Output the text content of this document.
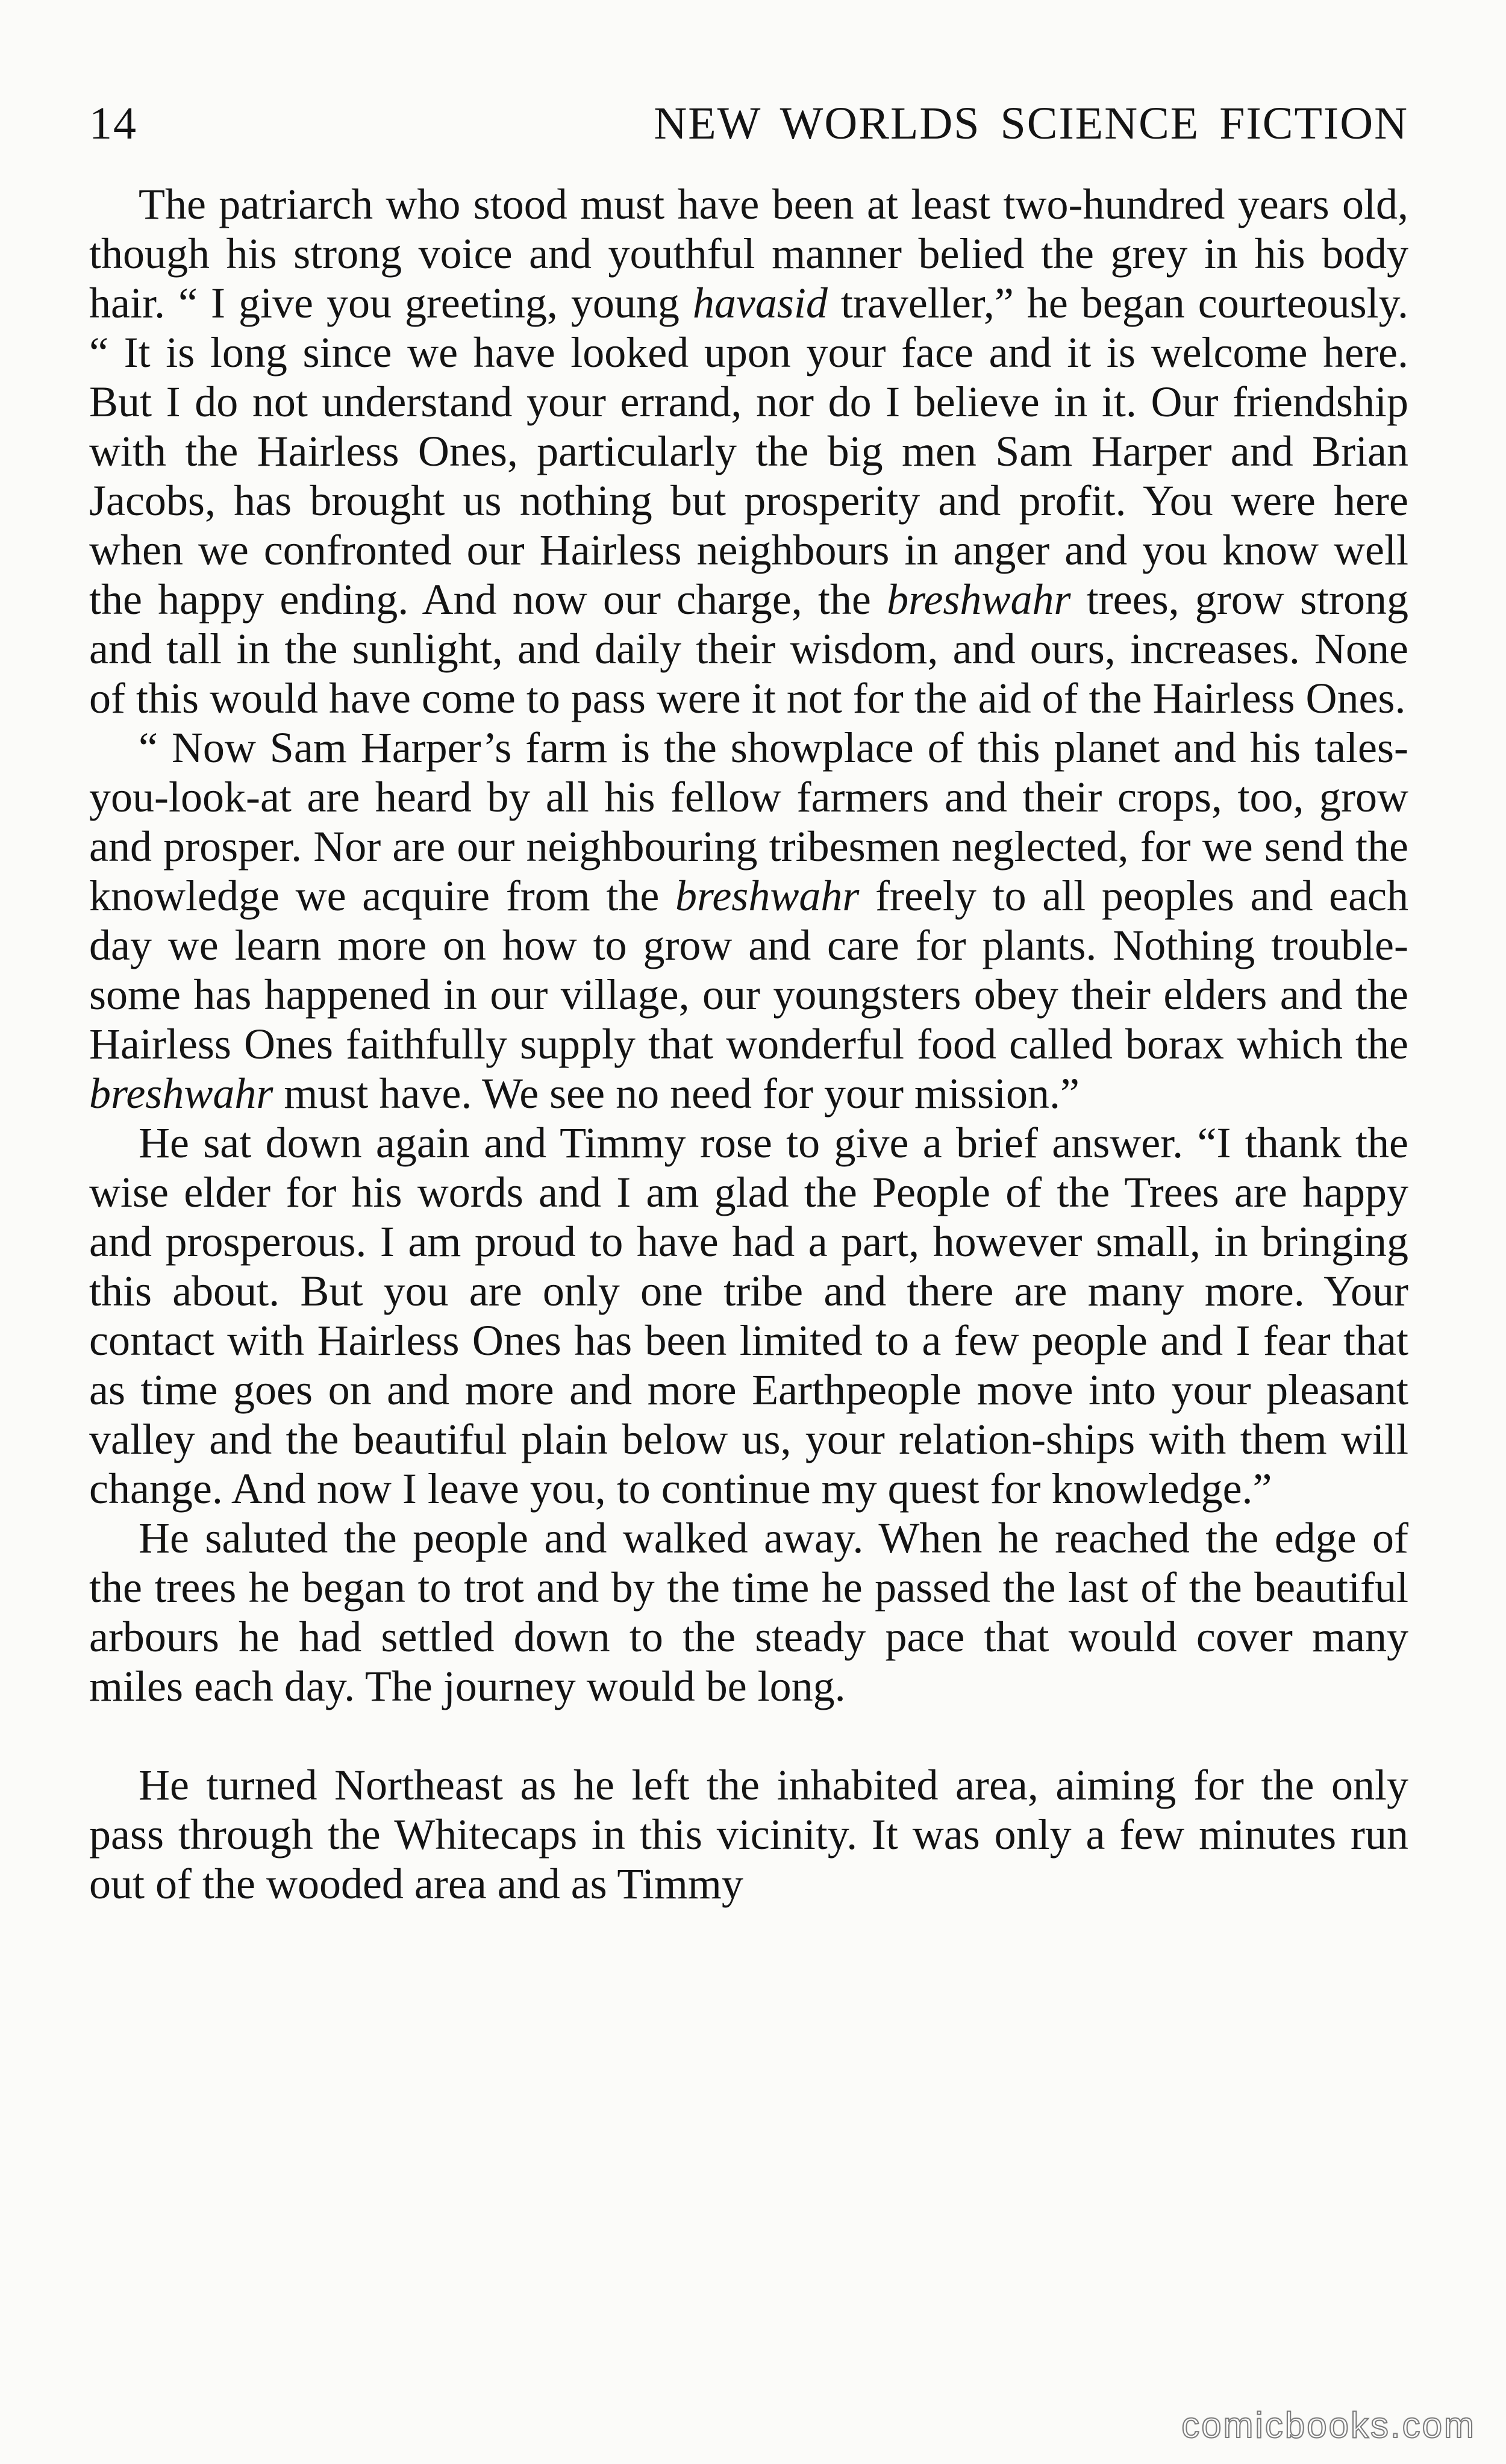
14	NEW WORLDS SCIENCE FICTION

The patriarch who stood must have been at least two-hundred years old, though his strong voice and youthful manner belied the grey in his body hair. “ I give you greeting, young havasid traveller,” he began courteously. “ It is long since we have looked upon your face and it is welcome here. But I do not understand your errand, nor do I believe in it. Our friendship with the Hairless Ones, particularly the big men Sam Harper and Brian Jacobs, has brought us nothing but prosperity and profit. You were here when we confronted our Hairless neighbours in anger and you know well the happy ending. And now our charge, the breshwahr trees, grow strong and tall in the sunlight, and daily their wisdom, and ours, increases. None of this would have come to pass were it not for the aid of the Hairless Ones.

“ Now Sam Harper’s farm is the showplace of this planet and his tales-you-look-at are heard by all his fellow farmers and their crops, too, grow and prosper. Nor are our neighbouring tribesmen neglected, for we send the knowledge we acquire from the breshwahr freely to all peoples and each day we learn more on how to grow and care for plants. Nothing trouble-some has happened in our village, our youngsters obey their elders and the Hairless Ones faithfully supply that wonderful food called borax which the breshwahr must have. We see no need for your mission.”

He sat down again and Timmy rose to give a brief answer. “I thank the wise elder for his words and I am glad the People of the Trees are happy and prosperous. I am proud to have had a part, however small, in bringing this about. But you are only one tribe and there are many more. Your contact with Hairless Ones has been limited to a few people and I fear that as time goes on and more and more Earthpeople move into your pleasant valley and the beautiful plain below us, your relation-ships with them will change. And now I leave you, to continue my quest for knowledge.”

He saluted the people and walked away. When he reached the edge of the trees he began to trot and by the time he passed the last of the beautiful arbours he had settled down to the steady pace that would cover many miles each day. The journey would be long.

He turned Northeast as he left the inhabited area, aiming for the only pass through the Whitecaps in this vicinity. It was only a few minutes run out of the wooded area and as Timmy

comicbooks.com
